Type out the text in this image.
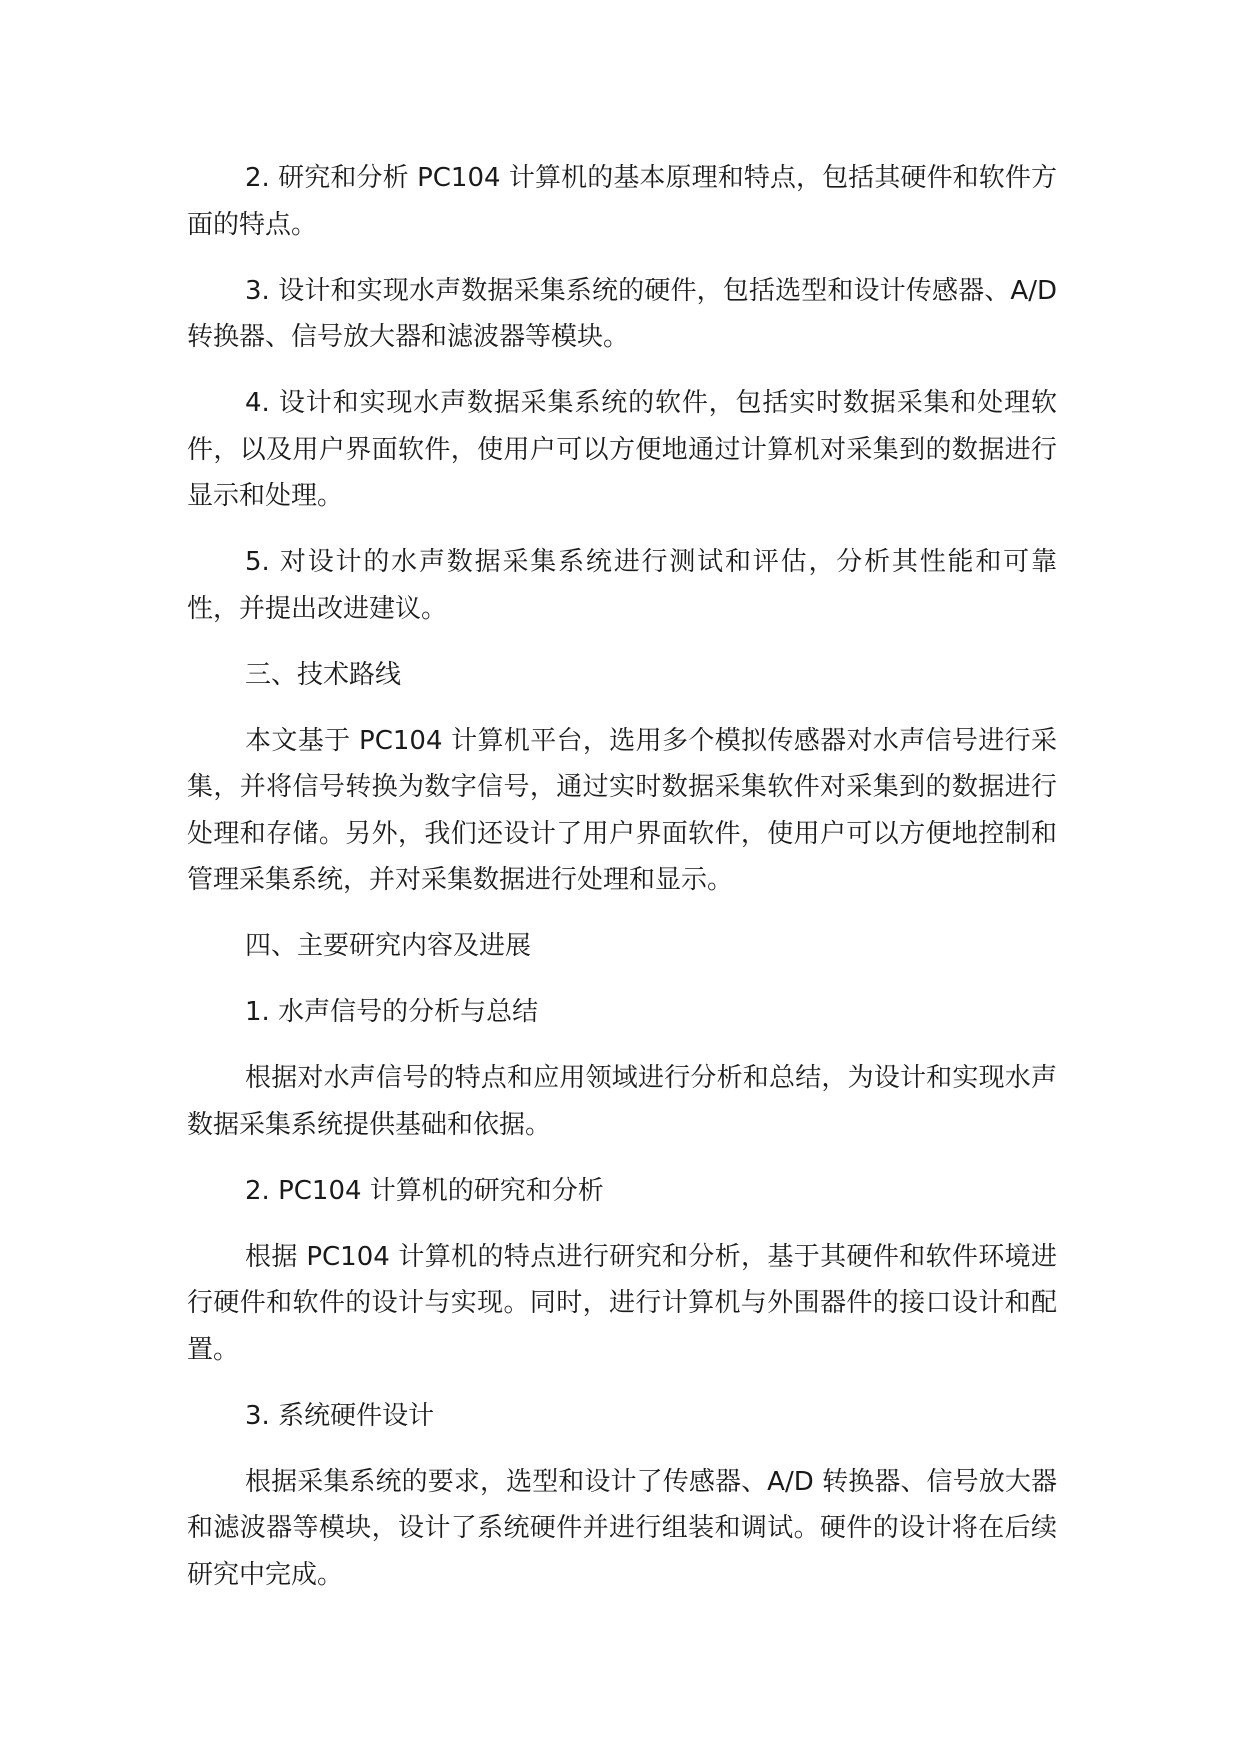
2. 研究和分析 PC104 计算机的基本原理和特点，包括其硬件和软件方面的特点。

3. 设计和实现水声数据采集系统的硬件，包括选型和设计传感器、A/D 转换器、信号放大器和滤波器等模块。

4. 设计和实现水声数据采集系统的软件，包括实时数据采集和处理软件，以及用户界面软件，使用户可以方便地通过计算机对采集到的数据进行显示和处理。

5. 对设计的水声数据采集系统进行测试和评估，分析其性能和可靠性，并提出改进建议。

三、技术路线

本文基于 PC104 计算机平台，选用多个模拟传感器对水声信号进行采集，并将信号转换为数字信号，通过实时数据采集软件对采集到的数据进行处理和存储。另外，我们还设计了用户界面软件，使用户可以方便地控制和管理采集系统，并对采集数据进行处理和显示。

四、主要研究内容及进展

1. 水声信号的分析与总结

根据对水声信号的特点和应用领域进行分析和总结，为设计和实现水声数据采集系统提供基础和依据。

2. PC104 计算机的研究和分析

根据 PC104 计算机的特点进行研究和分析，基于其硬件和软件环境进行硬件和软件的设计与实现。同时，进行计算机与外围器件的接口设计和配置。

3. 系统硬件设计

根据采集系统的要求，选型和设计了传感器、A/D 转换器、信号放大器和滤波器等模块，设计了系统硬件并进行组装和调试。硬件的设计将在后续研究中完成。
